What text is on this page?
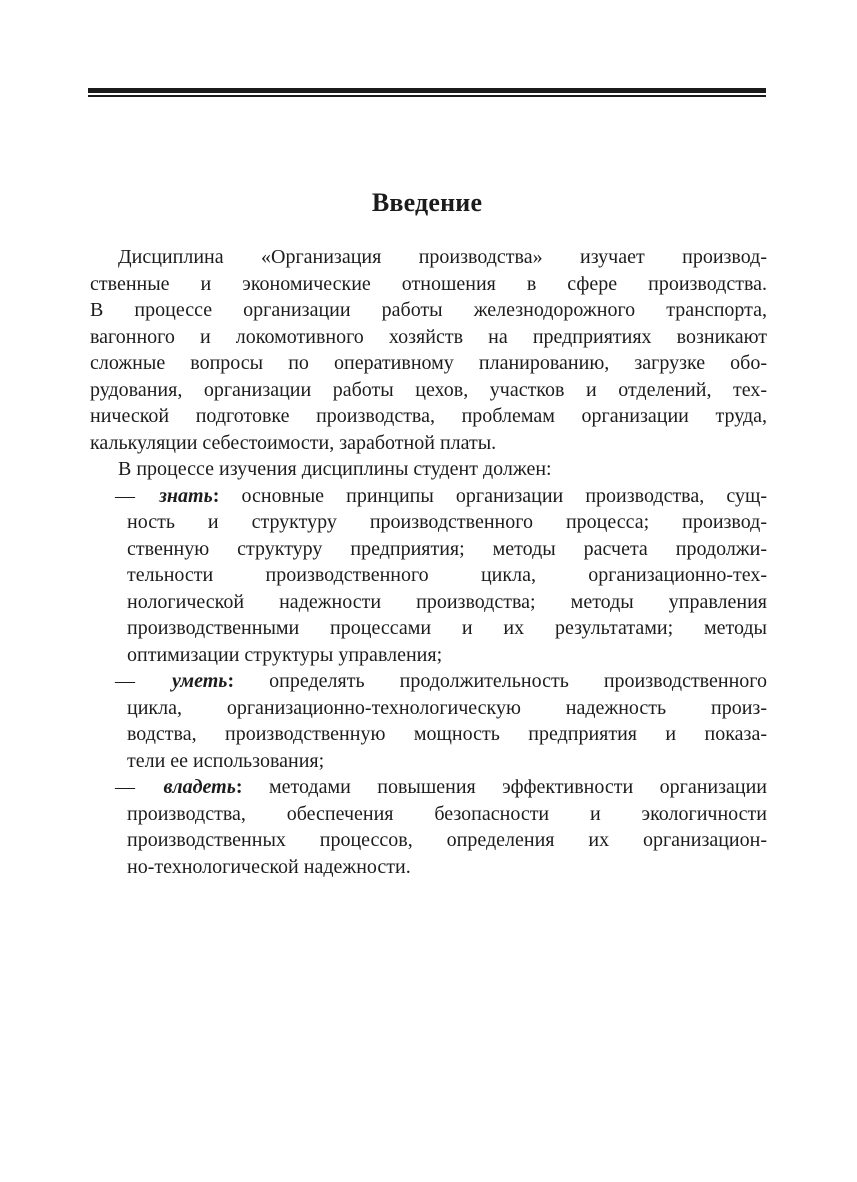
Введение
Дисциплина «Организация производства» изучает производ-
ственные и экономические отношения в сфере производства.
В процессе организации работы железнодорожного транспорта,
вагонного и локомотивного хозяйств на предприятиях возникают
сложные вопросы по оперативному планированию, загрузке обо-
рудования, организации работы цехов, участков и отделений, тех-
нической подготовке производства, проблемам организации труда,
калькуляции себестоимости, заработной платы.
В процессе изучения дисциплины студент должен:
— знать: основные принципы организации производства, сущ-
ность и структуру производственного процесса; производ-
ственную структуру предприятия; методы расчета продолжи-
тельности производственного цикла, организационно-тех-
нологической надежности производства; методы управления
производственными процессами и их результатами; методы
оптимизации структуры управления;
— уметь: определять продолжительность производственного
цикла, организационно-технологическую надежность произ-
водства, производственную мощность предприятия и показа-
тели ее использования;
— владеть: методами повышения эффективности организации
производства, обеспечения безопасности и экологичности
производственных процессов, определения их организацион-
но-технологической надежности.
